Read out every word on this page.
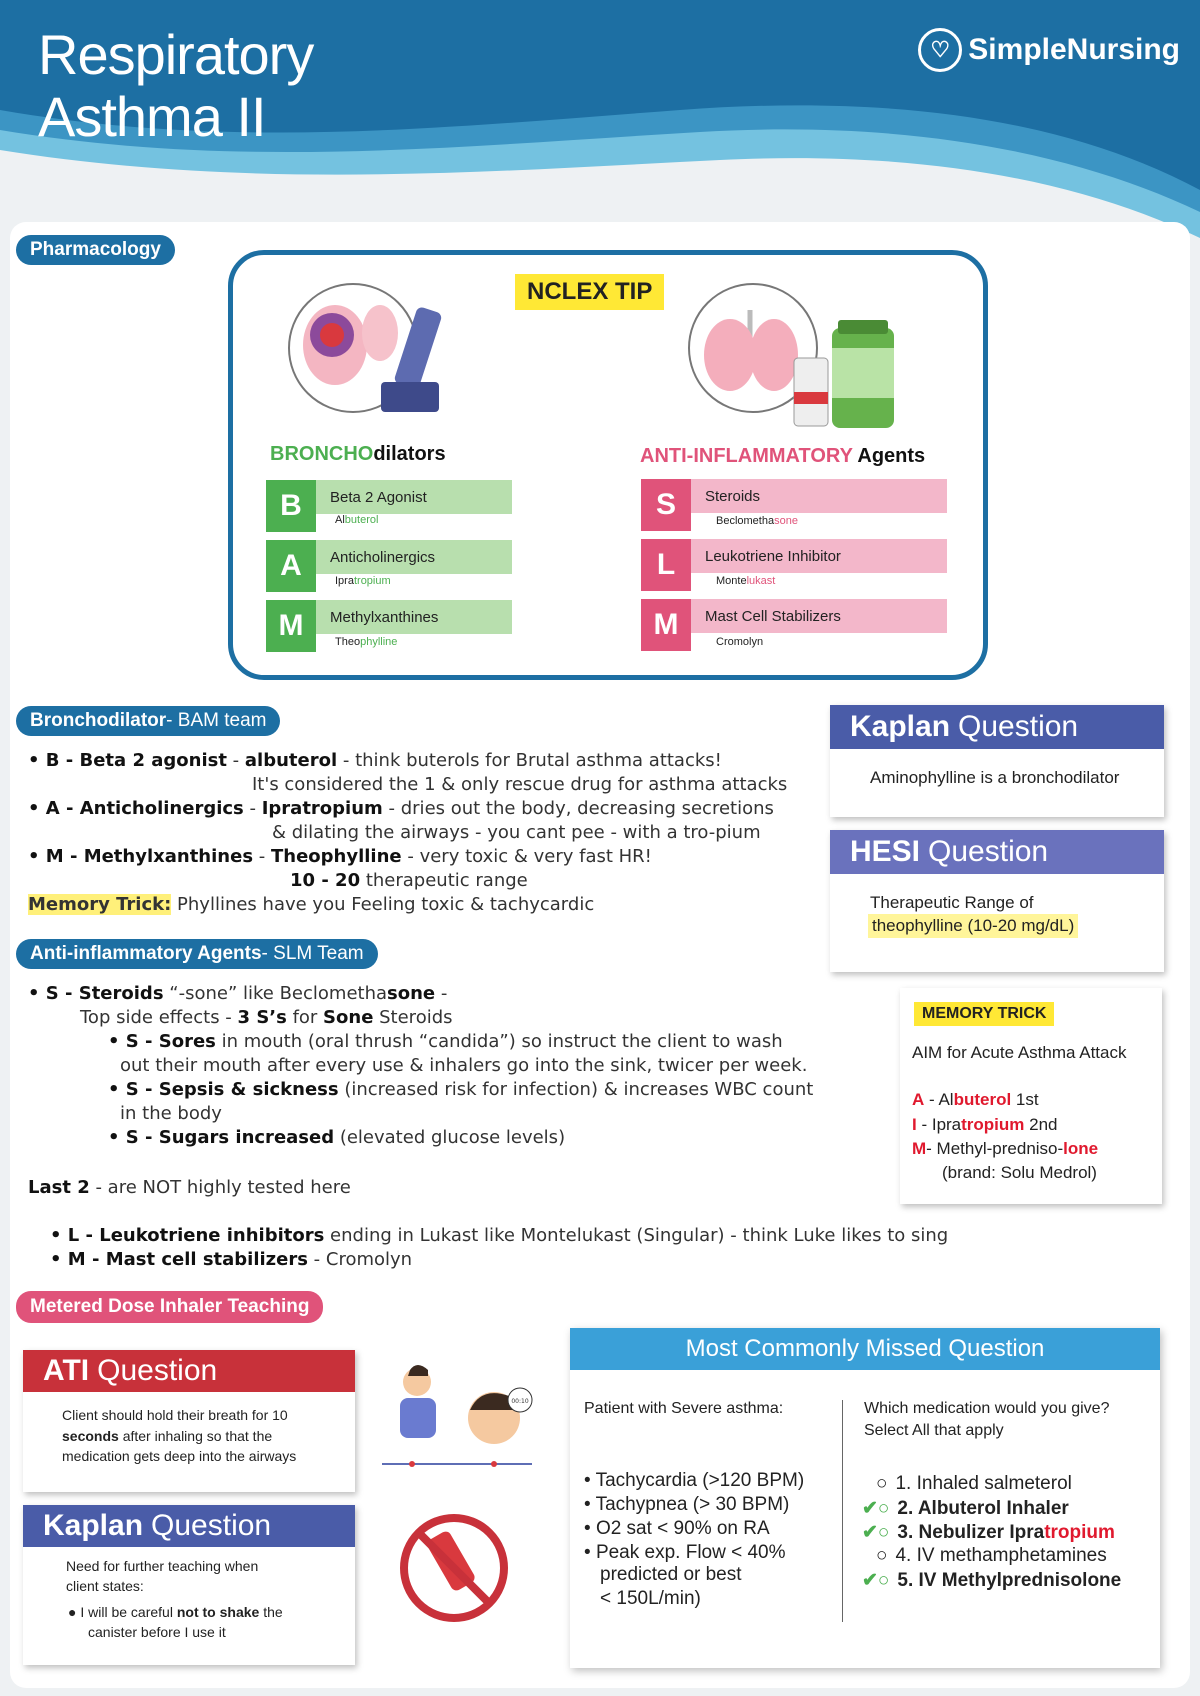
Respiratory
Asthma II
♡ SimpleNursing
Pharmacology
NCLEX TIP
BRONCHOdilators	ANTI-INFLAMMATORY Agents
B	Beta 2 Agonist
Albuterol
A	Anticholinergics
Ipratropium
M	Methylxanthines
Theophylline
S	Steroids
Beclomethasone
L	Leukotriene Inhibitor
Montelukast
M	Mast Cell Stabilizers
Cromolyn
Bronchodilator - BAM team
• B - Beta 2 agonist - albuterol - think buterols for Brutal asthma attacks!
It's considered the 1 & only rescue drug for asthma attacks
• A - Anticholinergics - Ipratropium - dries out the body, decreasing secretions
& dilating the airways - you cant pee - with a tro-pium
• M - Methylxanthines - Theophylline - very toxic & very fast HR!
10 - 20 therapeutic range
Memory Trick: Phyllines have you Feeling toxic & tachycardic
Anti-inflammatory Agents - SLM Team
• S - Steroids “-sone” like Beclomethasone -
Top side effects - 3 S’s for Sone Steroids
• S - Sores in mouth (oral thrush “candida”) so instruct the client to wash
out their mouth after every use & inhalers go into the sink, twicer per week.
• S - Sepsis & sickness (increased risk for infection) & increases WBC count
in the body
• S - Sugars increased (elevated glucose levels)
Last 2 - are NOT highly tested here
• L - Leukotriene inhibitors ending in Lukast like Montelukast (Singular) - think Luke likes to sing
• M - Mast cell stabilizers - Cromolyn
Kaplan Question
Aminophylline is a bronchodilator
HESI Question
Therapeutic Range of
theophylline (10-20 mg/dL)
MEMORY TRICK
AIM for Acute Asthma Attack
A - Albuterol 1st
I - Ipratropium 2nd
M- Methyl-predniso-lone
(brand: Solu Medrol)
Metered Dose Inhaler Teaching
ATI Question
Client should hold their breath for 10
seconds after inhaling so that the
medication gets deep into the airways
Kaplan Question
Need for further teaching when
client states:
● I will be careful not to shake the
canister before I use it
00:10
Most Commonly Missed Question
Patient with Severe asthma:	Which medication would you give?
Select All that apply
• Tachycardia (>120 BPM)
• Tachypnea (> 30 BPM)
• O2 sat < 90% on RA
• Peak exp. Flow < 40%
predicted or best
< 150L/min)
○ 1. Inhaled salmeterol
✔○ 2. Albuterol Inhaler
✔○ 3. Nebulizer Ipratropium
○ 4. IV methamphetamines
✔○ 5. IV Methylprednisolone
